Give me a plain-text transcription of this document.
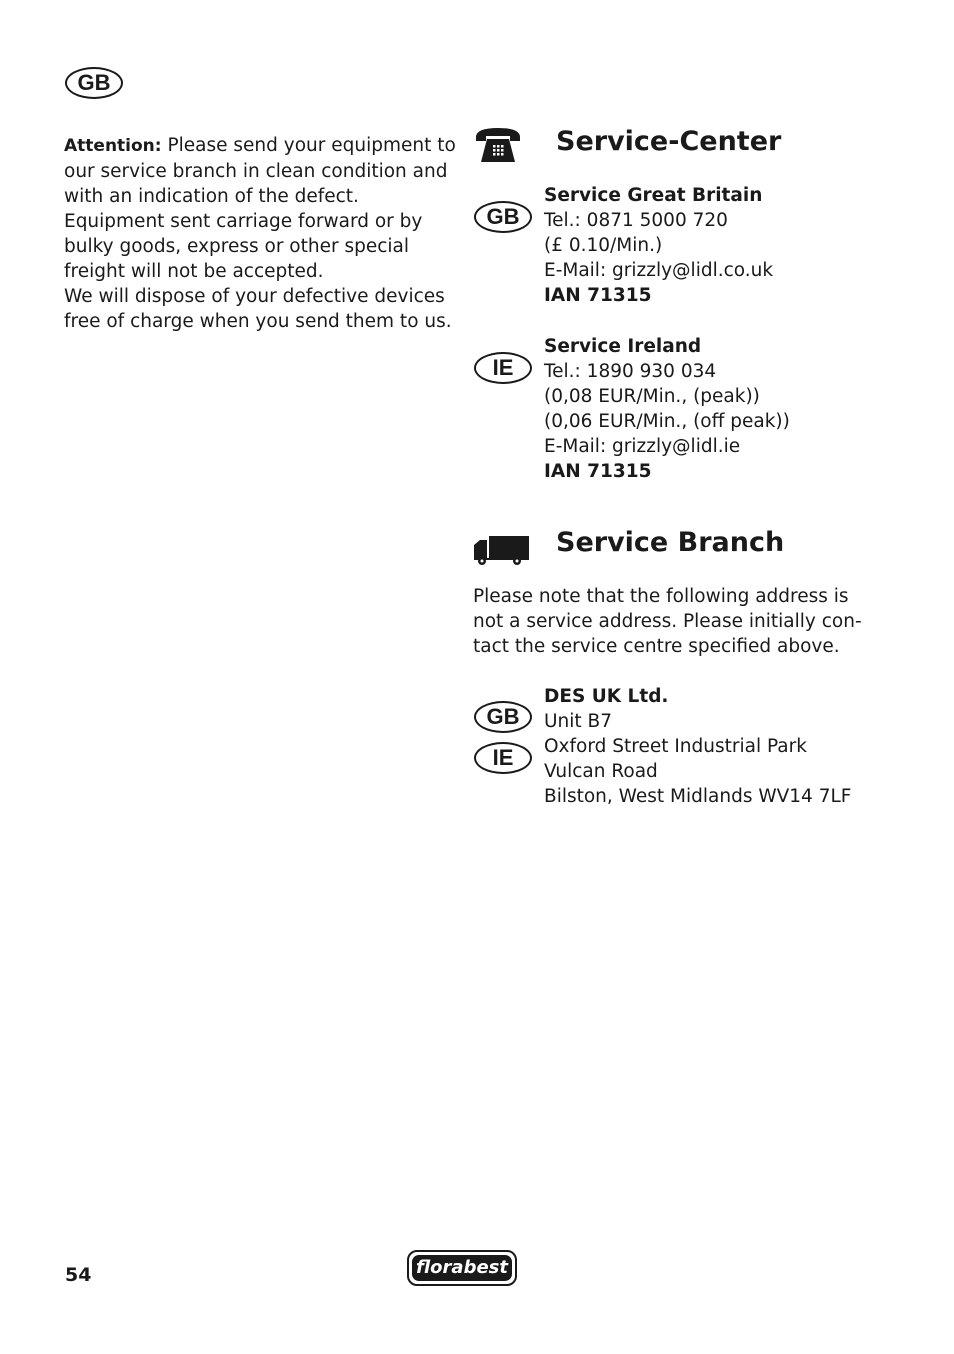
GB
Attention: Please send your equipment to
our service branch in clean condition and
with an indication of the defect.
Equipment sent carriage forward or by
bulky goods, express or other special
freight will not be accepted.
We will dispose of your defective devices
free of charge when you send them to us.
Service-Center
GB
Service Great Britain
Tel.: 0871 5000 720
(£ 0.10/Min.)
E-Mail: grizzly@lidl.co.uk
IAN 71315
IE
Service Ireland
Tel.: 1890 930 034
(0,08 EUR/Min., (peak))
(0,06 EUR/Min., (off peak))
E-Mail: grizzly@lidl.ie
IAN 71315
Service Branch
Please note that the following address is
not a service address. Please initially con-
tact the service centre specified above.
GB
IE
DES UK Ltd.
Unit B7
Oxford Street Industrial Park
Vulcan Road
Bilston, West Midlands WV14 7LF
54	florabest
